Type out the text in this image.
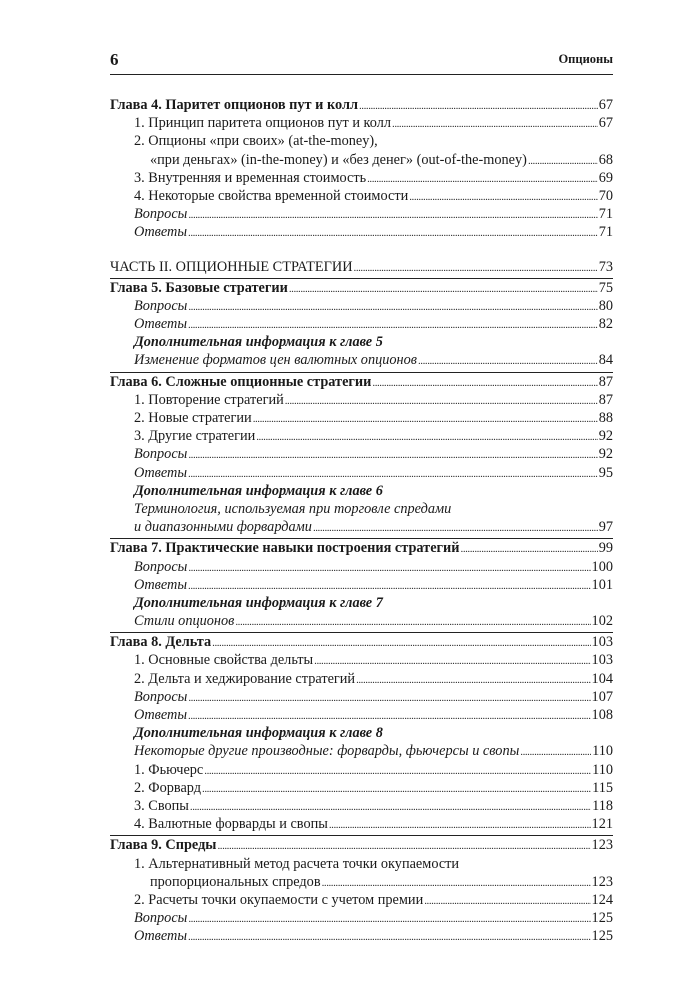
6	Опционы
Глава 4. Паритет опционов пут и колл . . .	67
1. Принцип паритета опционов пут и колл . . .	67
2. Опционы «при своих» (at-the-money),
«при деньгах» (in-the-money) и «без денег» (out-of-the-money) . . .	68
3. Внутренняя и временная стоимость . . .	69
4. Некоторые свойства временной стоимости . . .	70
Вопросы . . .	71
Ответы . . .	71
ЧАСТЬ II. ОПЦИОННЫЕ СТРАТЕГИИ . . .	73
Глава 5. Базовые стратегии . . .	75
Вопросы . . .	80
Ответы . . .	82
Дополнительная информация к главе 5
Изменение форматов цен валютных опционов . . .	84
Глава 6. Сложные опционные стратегии . . .	87
1. Повторение стратегий . . .	87
2. Новые стратегии . . .	88
3. Другие стратегии . . .	92
Вопросы . . .	92
Ответы . . .	95
Дополнительная информация к главе 6
Терминология, используемая при торговле спредами
и диапазонными форвардами . . .	97
Глава 7. Практические навыки построения стратегий . . .	99
Вопросы . . .	100
Ответы . . .	101
Дополнительная информация к главе 7
Стили опционов . . .	102
Глава 8. Дельта . . .	103
1. Основные свойства дельты . . .	103
2. Дельта и хеджирование стратегий . . .	104
Вопросы . . .	107
Ответы . . .	108
Дополнительная информация к главе 8
Некоторые другие производные: форварды, фьючерсы и свопы . . .	110
1. Фьючерс . . .	110
2. Форвард . . .	115
3. Свопы . . .	118
4. Валютные форварды и свопы . . .	121
Глава 9. Спреды . . .	123
1. Альтернативный метод расчета точки окупаемости
пропорциональных спредов . . .	123
2. Расчеты точки окупаемости с учетом премии . . .	124
Вопросы . . .	125
Ответы . . .	125
